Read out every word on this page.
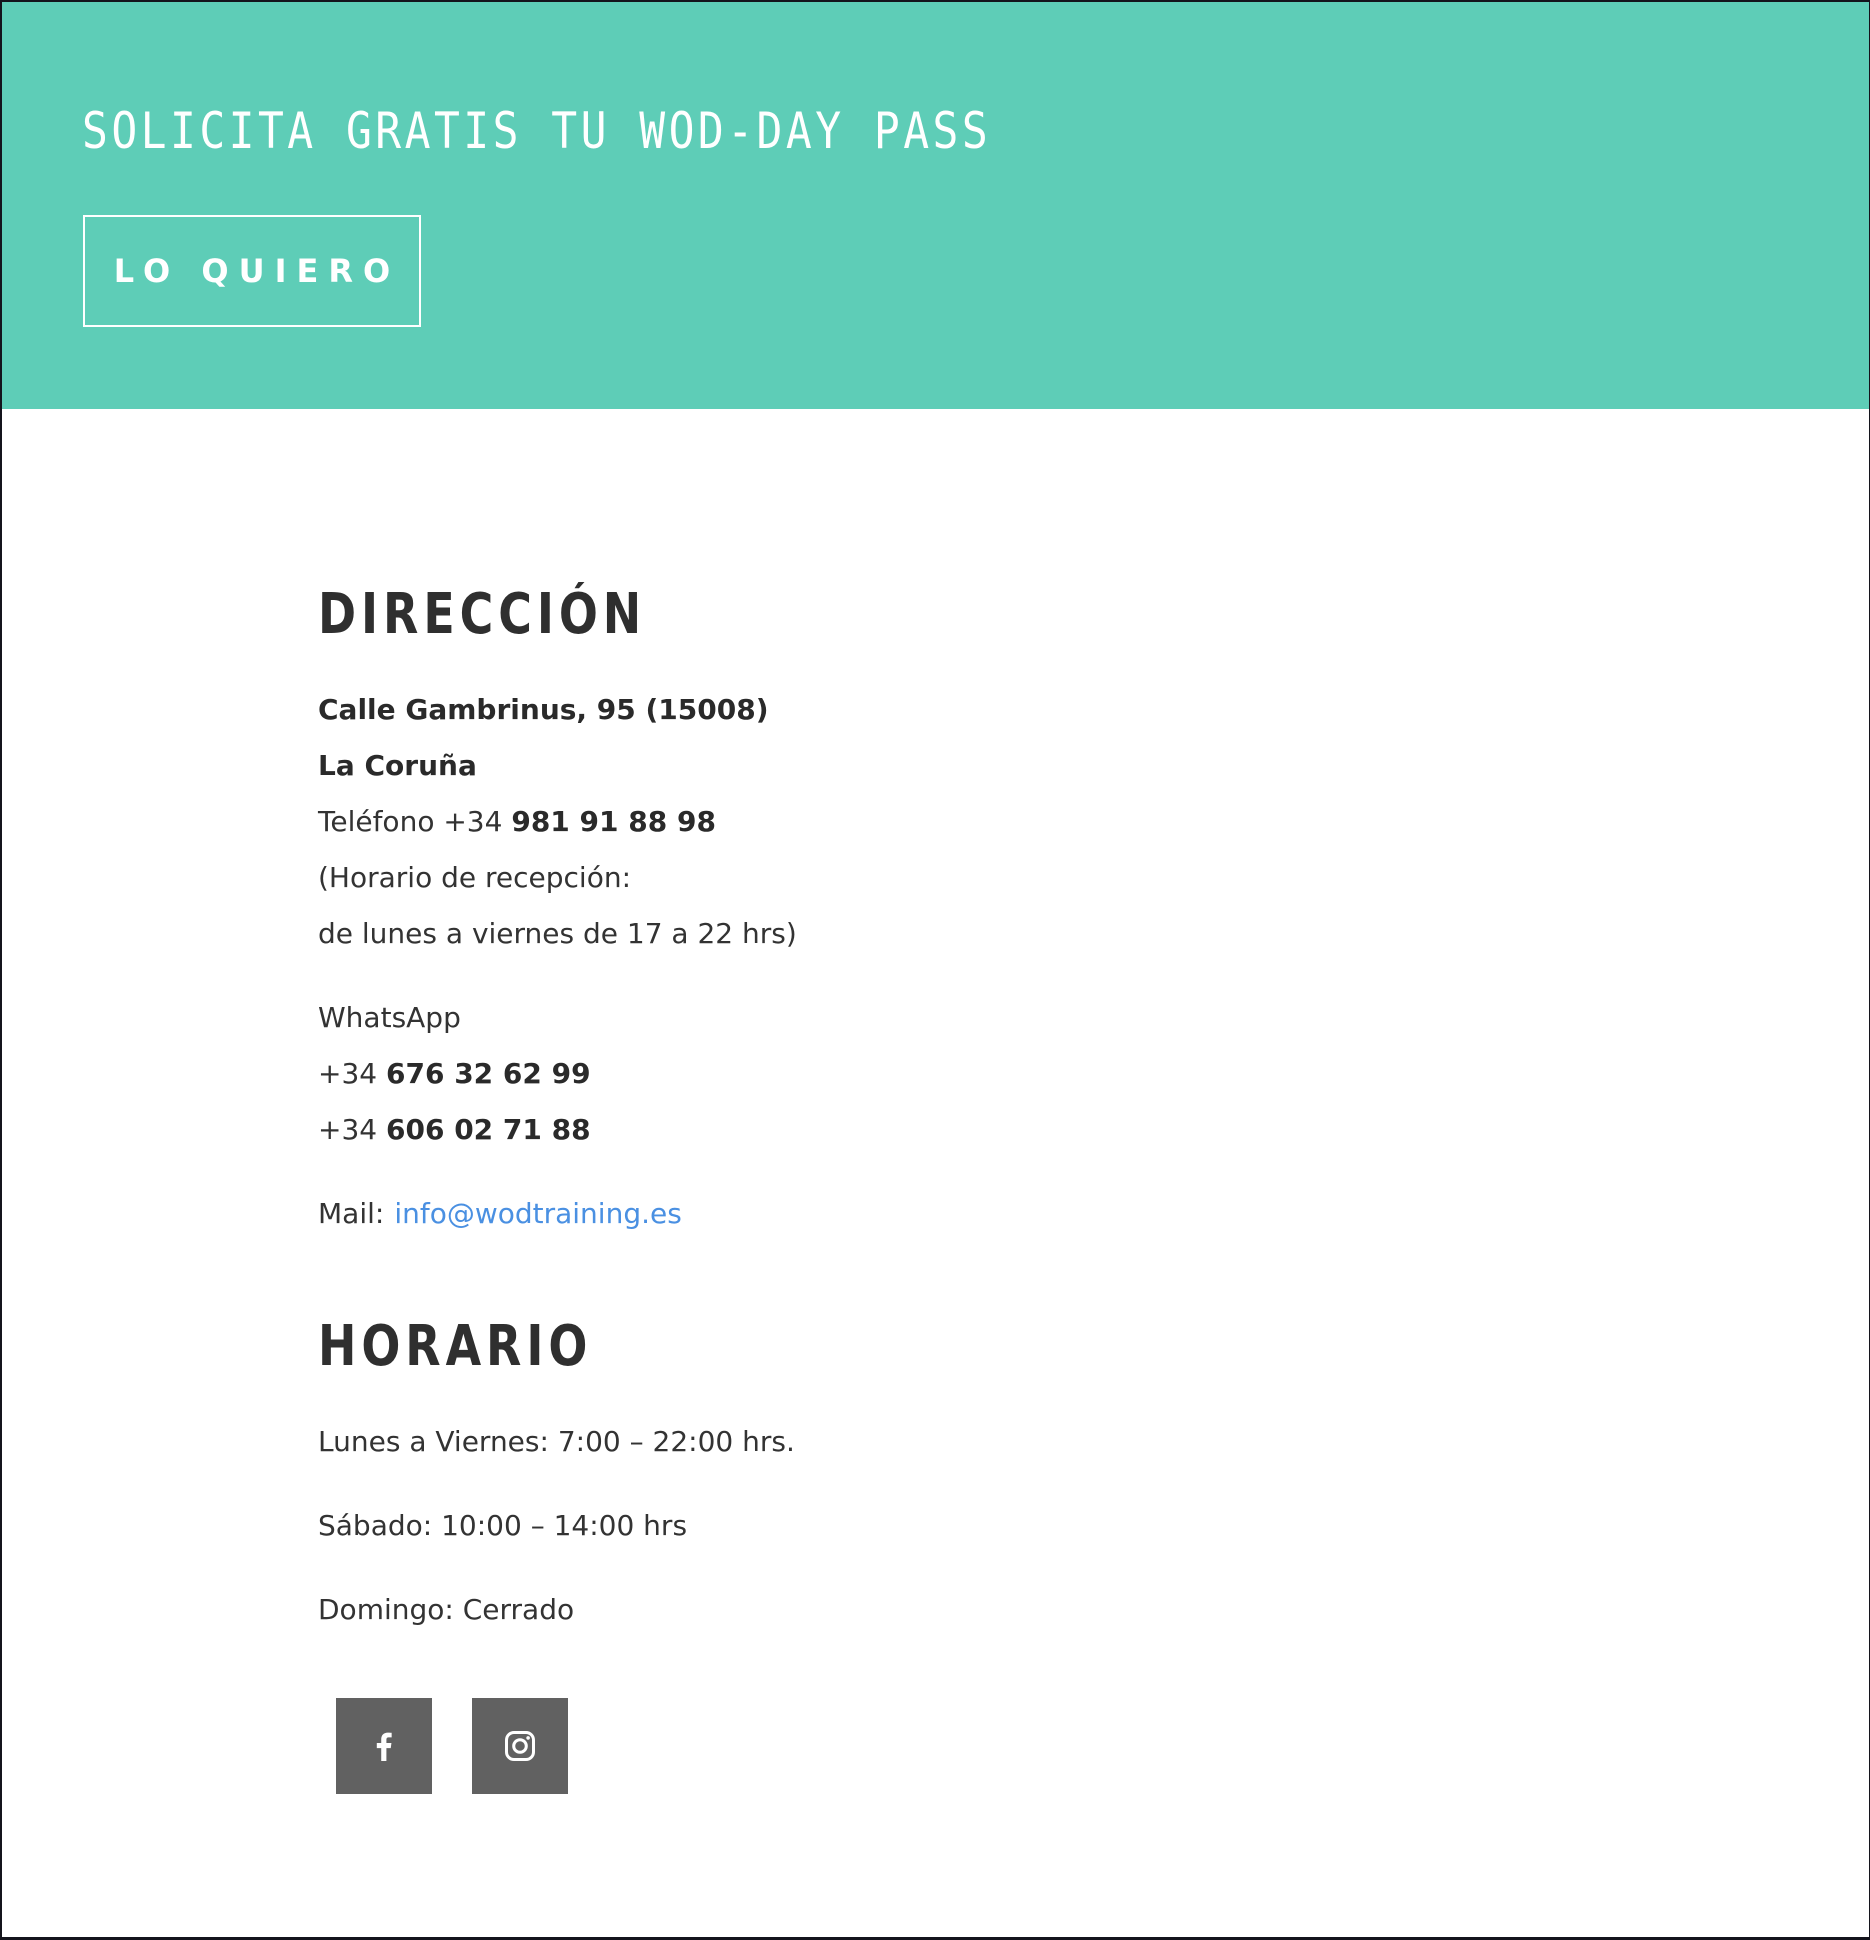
SOLICITA GRATIS TU WOD-DAY PASS
LO QUIERO
DIRECCIÓN

Calle Gambrinus, 95 (15008)

La Coruña

Teléfono +34 981 91 88 98

(Horario de recepción:

de lunes a viernes de 17 a 22 hrs)

WhatsApp

+34 676 32 62 99

+34 606 02 71 88

Mail: info@wodtraining.es

HORARIO

Lunes a Viernes: 7:00 – 22:00 hrs.

Sábado: 10:00 – 14:00 hrs

Domingo: Cerrado
